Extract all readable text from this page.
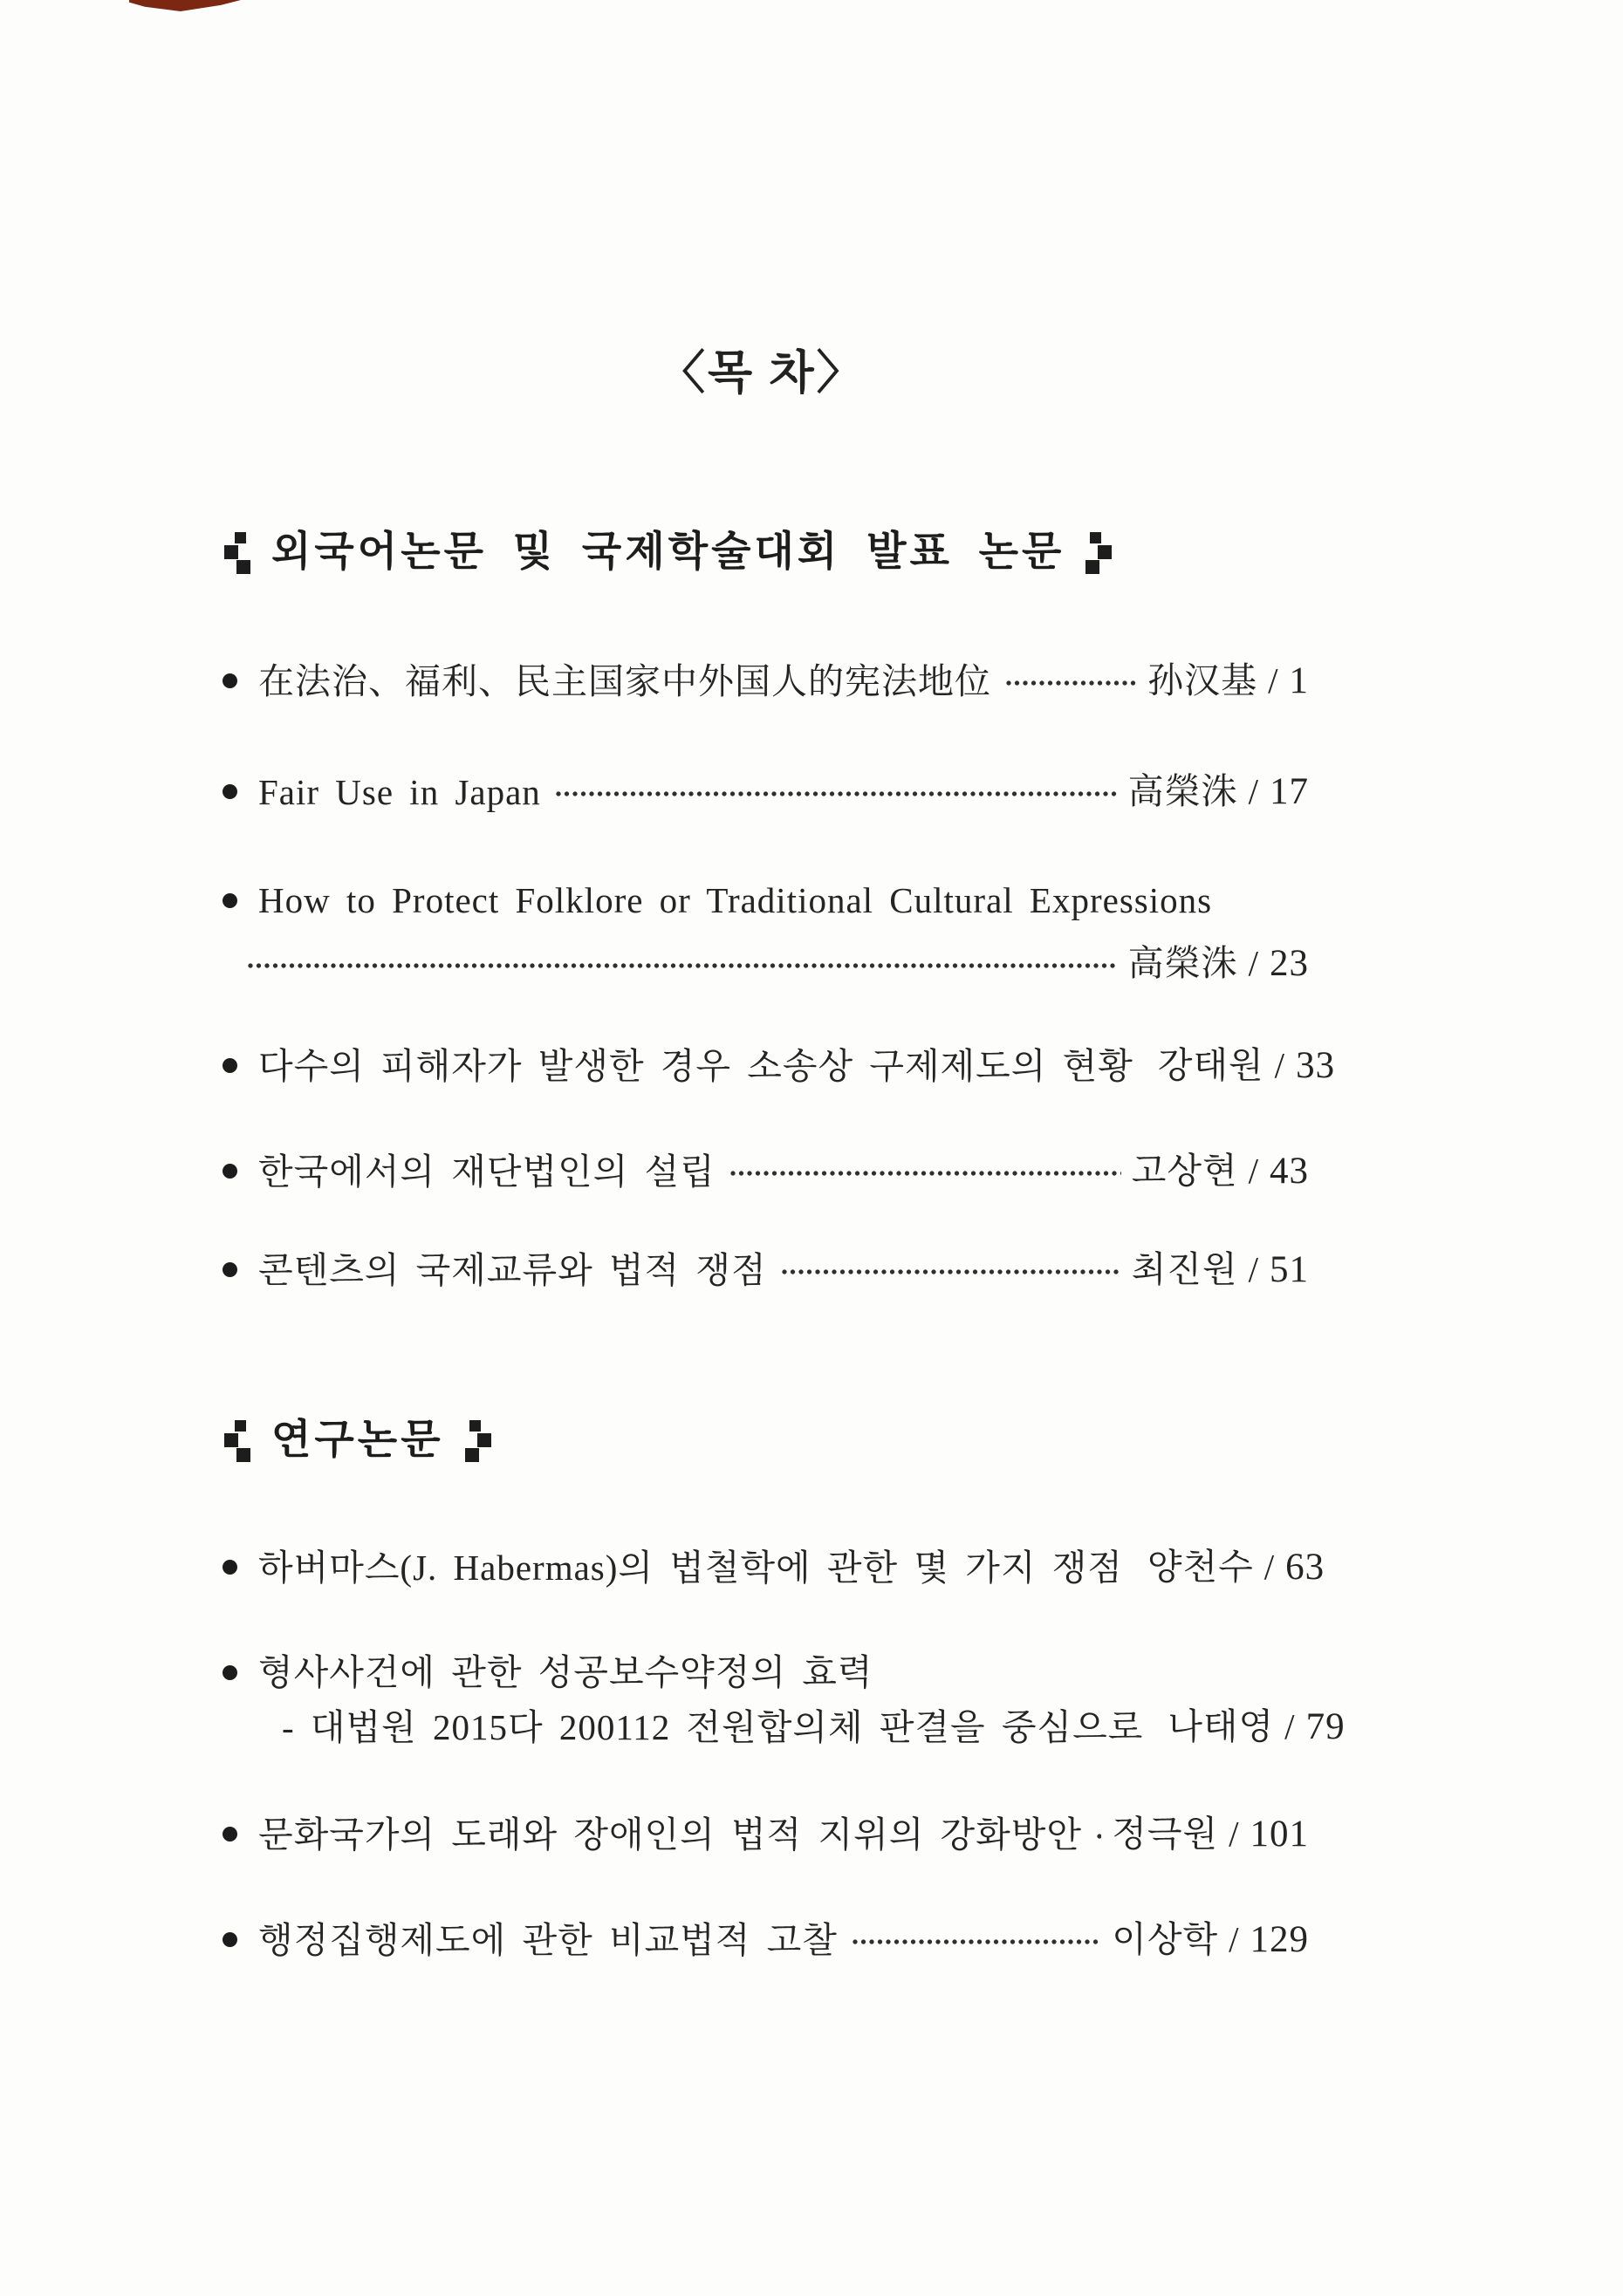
〈목 차〉
외국어논문 및 국제학술대회 발표 논문
在法治、福利、民主国家中外国人的宪法地位	孙汉基 / 1
Fair Use in Japan	高榮洙 / 17
How to Protect Folklore or Traditional Cultural Expressions
高榮洙 / 23
다수의 피해자가 발생한 경우 소송상 구제제도의 현황 강태원 / 33
한국에서의 재단법인의 설립	고상현 / 43
콘텐츠의 국제교류와 법적 쟁점	최진원 / 51
연구논문
하버마스(J. Habermas)의 법철학에 관한 몇 가지 쟁점 양천수 / 63
형사사건에 관한 성공보수약정의 효력
- 대법원 2015다 200112 전원합의체 판결을 중심으로 나태영 / 79
문화국가의 도래와 장애인의 법적 지위의 강화방안 정극원 / 101
행정집행제도에 관한 비교법적 고찰	이상학 / 129
